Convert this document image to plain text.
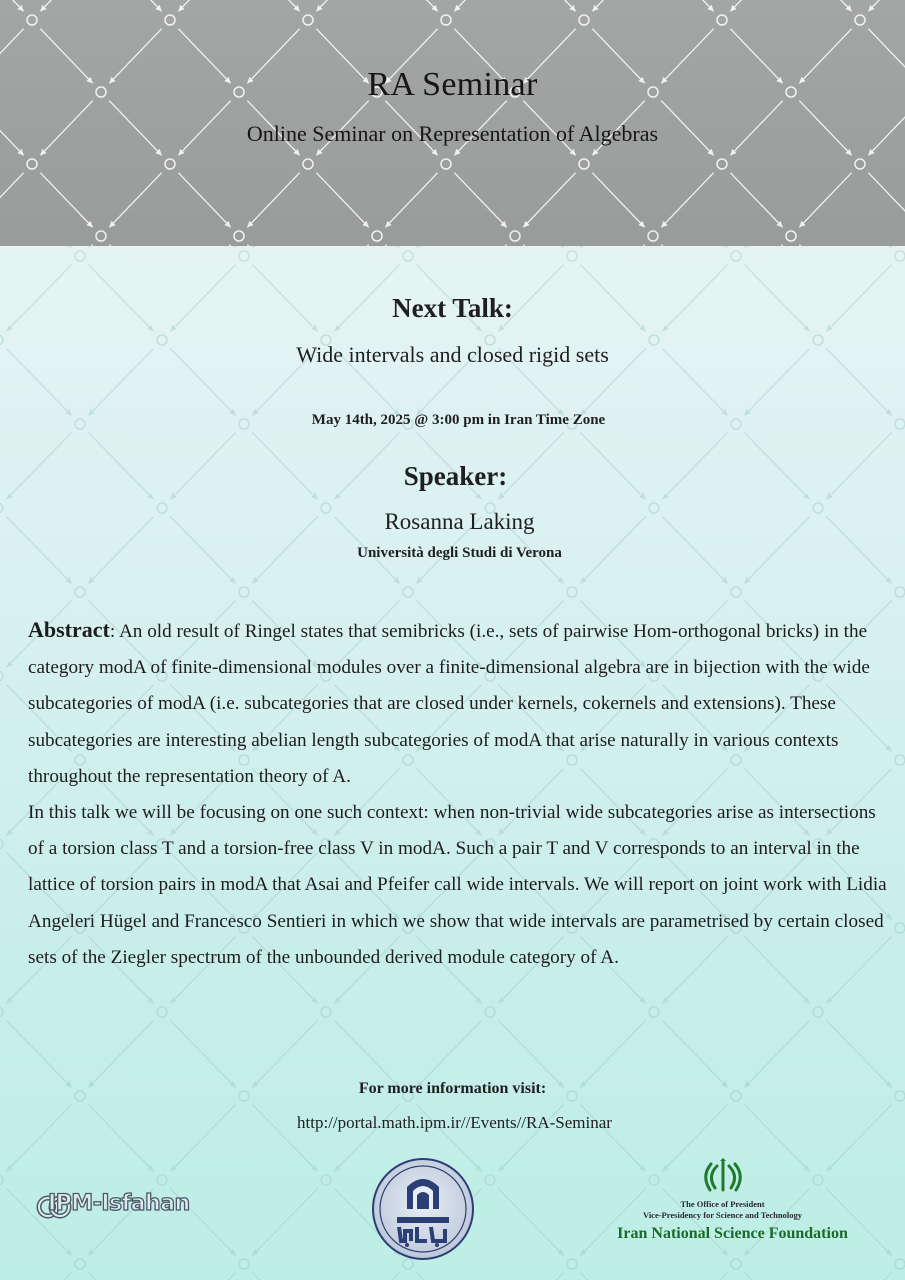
RA Seminar
Online Seminar on Representation of Algebras
Next Talk:
Wide intervals and closed rigid sets
May 14th, 2025 @ 3:00 pm in Iran Time Zone
Speaker:
Rosanna Laking
Università degli Studi di Verona

Abstract: An old result of Ringel states that semibricks (i.e., sets of pairwise Hom-orthogonal bricks) in the category modA of finite-dimensional modules over a finite-dimensional algebra are in bijection with the wide subcategories of modA (i.e. subcategories that are closed under kernels, cokernels and extensions). These subcategories are interesting abelian length subcategories of modA that arise naturally in various contexts throughout the representation theory of A.

In this talk we will be focusing on one such context: when non-trivial wide subcategories arise as intersections of a torsion class T and a torsion-free class V in modA. Such a pair T and V corresponds to an interval in the lattice of torsion pairs in modA that Asai and Pfeifer call wide intervals. We will report on joint work with Lidia Angeleri Hügel and Francesco Sentieri in which we show that wide intervals are parametrised by certain closed sets of the Ziegler spectrum of the unbounded derived module category of A.

For more information visit:
http://portal.math.ipm.ir//Events//RA-Seminar
IPM-Isfahan	The Office of President
Vice-Presidency for Science and Technology
Iran National Science Foundation
